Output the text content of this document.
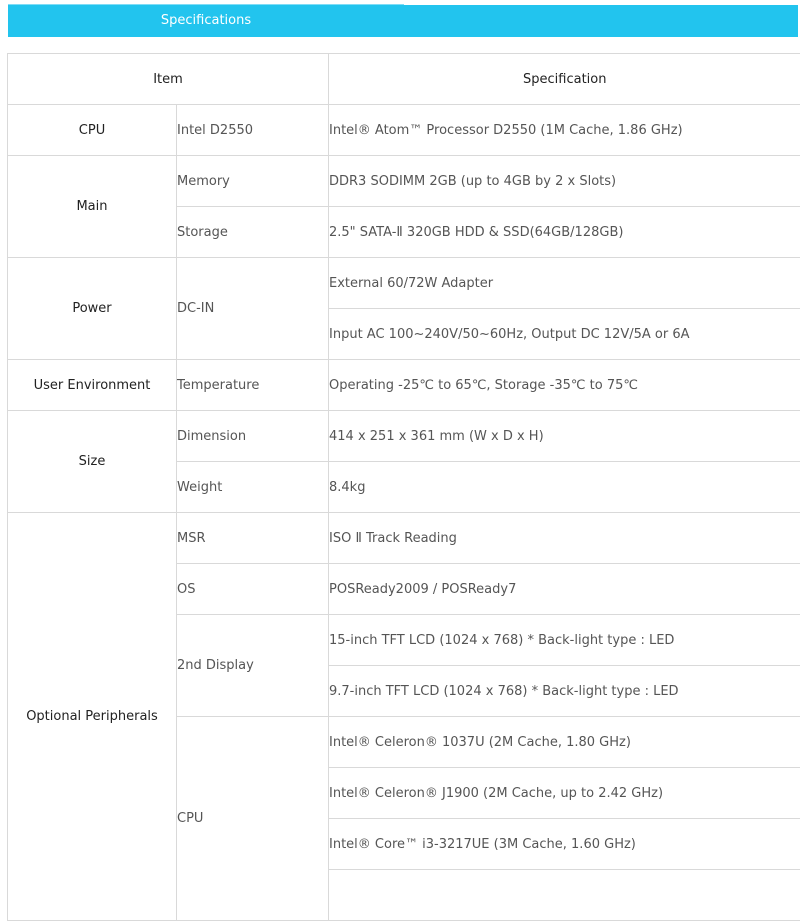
Specifications
Item		Specification
CPU	Intel D2550	Intel® Atom™ Processor D2550 (1M Cache, 1.86 GHz)
Main	Memory	DDR3 SODIMM 2GB (up to 4GB by 2 x Slots)
	Storage	2.5" SATA-Ⅱ 320GB HDD & SSD(64GB/128GB)
Power	DC-IN	External 60/72W Adapter
		Input AC 100~240V/50~60Hz, Output DC 12V/5A or 6A
User Environment	Temperature	Operating -25℃ to 65℃, Storage -35℃ to 75℃
Size	Dimension	414 x 251 x 361 mm (W x D x H)
	Weight	8.4kg
Optional Peripherals	MSR	ISO Ⅱ Track Reading
	OS	POSReady2009 / POSReady7
	2nd Display	15-inch TFT LCD (1024 x 768) * Back-light type : LED
		9.7-inch TFT LCD (1024 x 768) * Back-light type : LED
	CPU	Intel® Celeron® 1037U (2M Cache, 1.80 GHz)
		Intel® Celeron® J1900 (2M Cache, up to 2.42 GHz)
		Intel® Core™ i3-3217UE (3M Cache, 1.60 GHz)
